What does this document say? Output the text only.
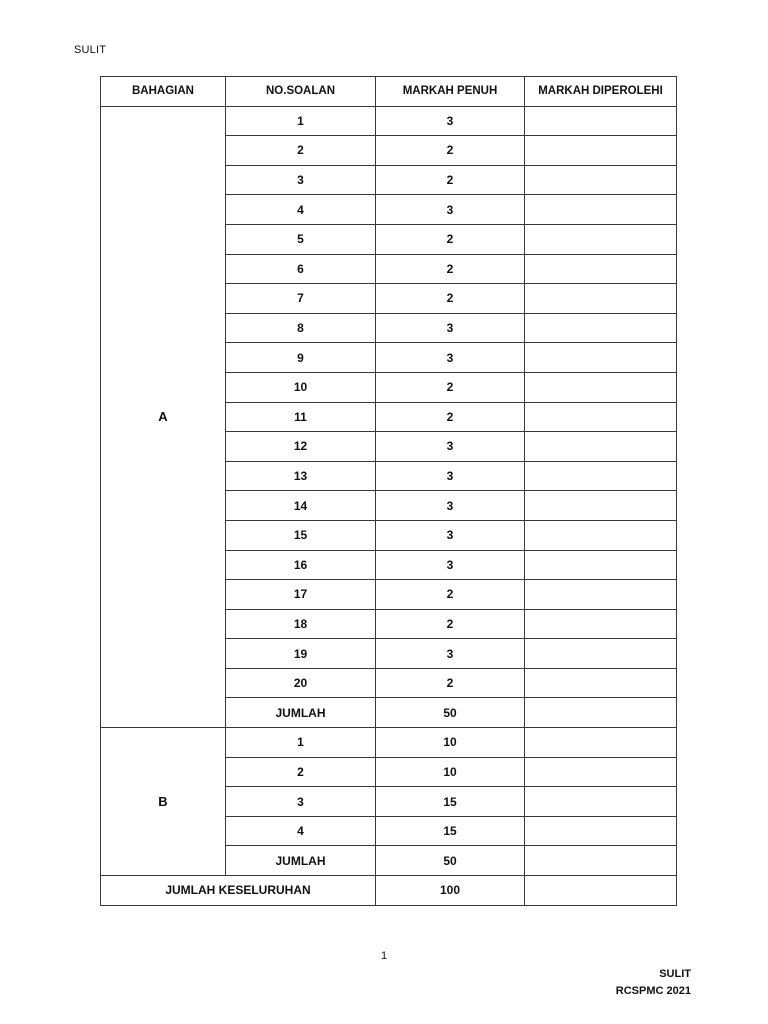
SULIT
BAHAGIAN	NO.SOALAN	MARKAH PENUH	MARKAH DIPEROLEHI
A	1	3	
	2	2	
	3	2	
	4	3	
	5	2	
	6	2	
	7	2	
	8	3	
	9	3	
	10	2	
	11	2	
	12	3	
	13	3	
	14	3	
	15	3	
	16	3	
	17	2	
	18	2	
	19	3	
	20	2	
	JUMLAH	50	
B	1	10	
	2	10	
	3	15	
	4	15	
	JUMLAH	50	
JUMLAH KESELURUHAN		100	
1
SULIT
RCSPMC 2021
